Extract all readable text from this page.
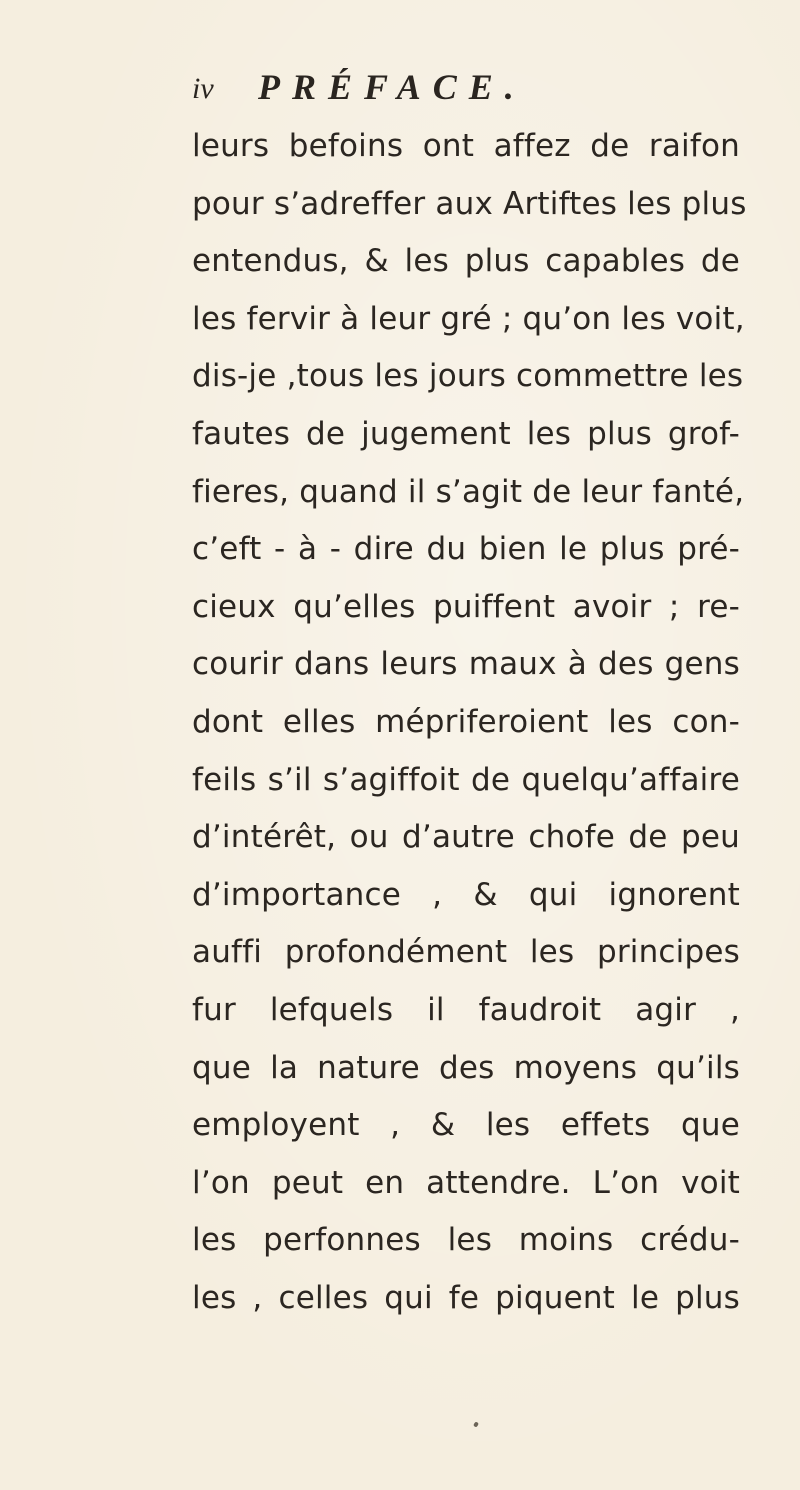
iv PRÉFACE.
leurs befoins ont affez de raifon
pour s’adreffer aux Artiftes les plus
entendus, & les plus capables de
les fervir à leur gré ; qu’on les voit,
dis-je ,tous les jours commettre les
fautes de jugement les plus grof-
fieres, quand il s’agit de leur fanté,
c’eft - à - dire du bien le plus pré-
cieux qu’elles puiffent avoir ; re-
courir dans leurs maux à des gens
dont elles mépriferoient les con-
feils s’il s’agiffoit de quelqu’affaire
d’intérêt, ou d’autre chofe de peu
d’importance , & qui ignorent
auffi profondément les principes
fur lefquels il faudroit agir ,
que la nature des moyens qu’ils
employent , & les effets que
l’on peut en attendre. L’on voit
les perfonnes les moins crédu-
les , celles qui fe piquent le plus
